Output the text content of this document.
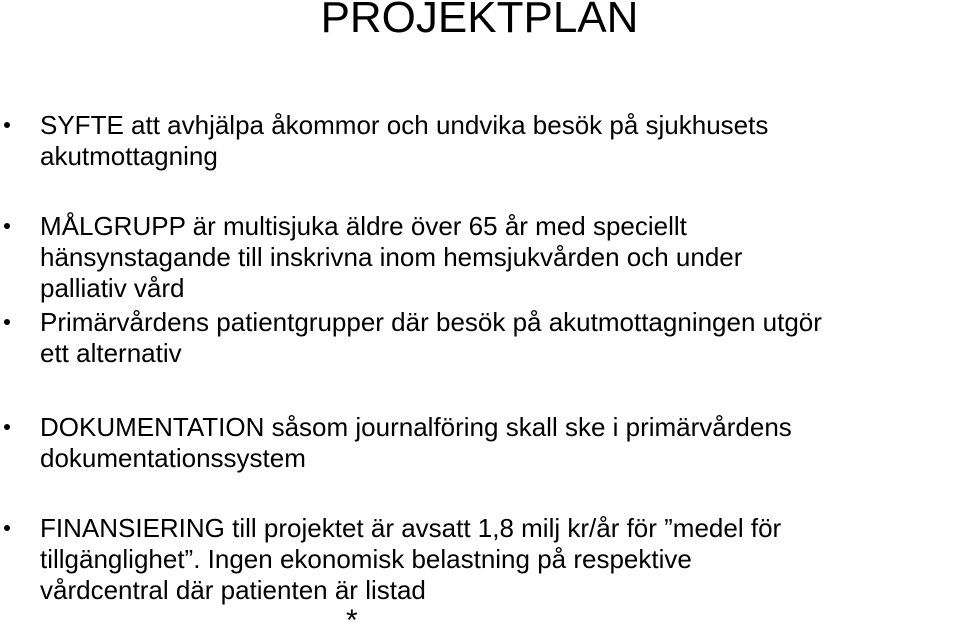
PROJEKTPLAN
SYFTE att avhjälpa åkommor och undvika besök på sjukhusets
akutmottagning
MÅLGRUPP är multisjuka äldre över 65 år med speciellt
hänsynstagande till inskrivna inom hemsjukvården och under
palliativ vård
Primärvårdens patientgrupper där besök på akutmottagningen utgör
ett alternativ
DOKUMENTATION såsom journalföring skall ske i primärvårdens
dokumentationssystem
FINANSIERING till projektet är avsatt 1,8 milj kr/år för ”medel för
tillgänglighet”. Ingen ekonomisk belastning på respektive
vårdcentral där patienten är listad
*
